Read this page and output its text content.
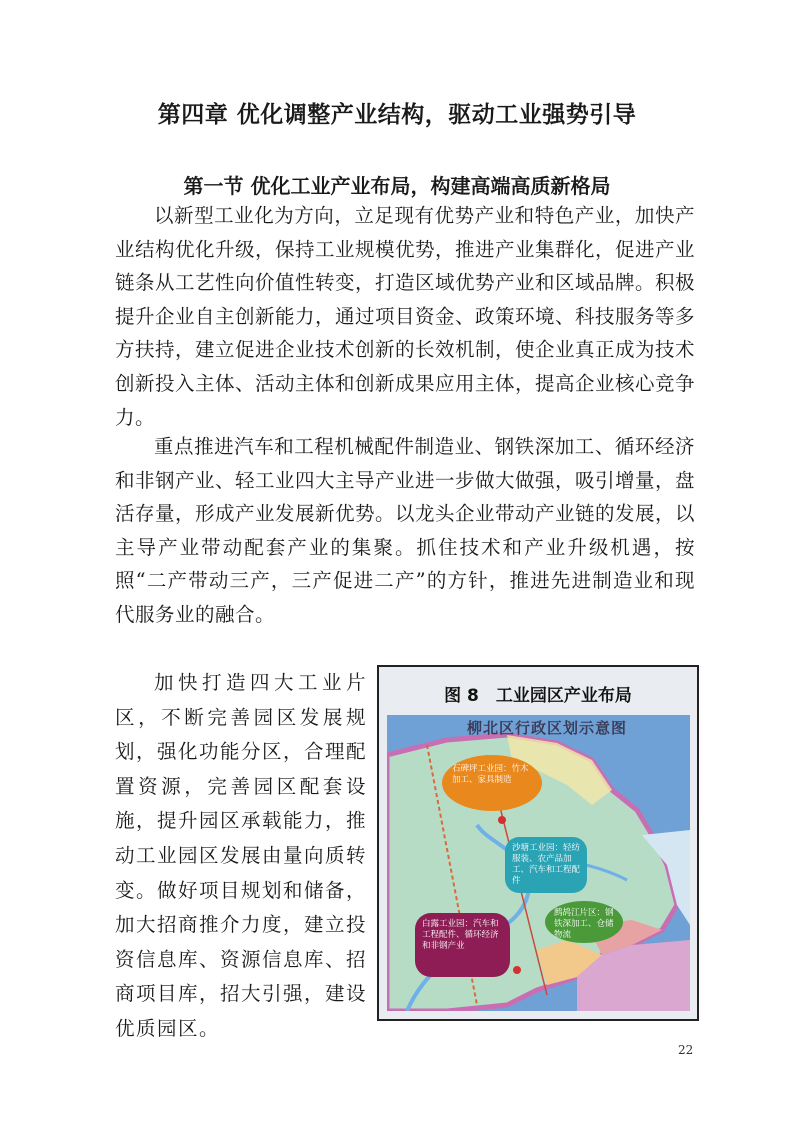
第四章 优化调整产业结构，驱动工业强势引导
第一节 优化工业产业布局，构建高端高质新格局

以新型工业化为方向，立足现有优势产业和特色产业，加快产业结构优化升级，保持工业规模优势，推进产业集群化，促进产业链条从工艺性向价值性转变，打造区域优势产业和区域品牌。积极提升企业自主创新能力，通过项目资金、政策环境、科技服务等多方扶持，建立促进企业技术创新的长效机制，使企业真正成为技术创新投入主体、活动主体和创新成果应用主体，提高企业核心竞争力。

重点推进汽车和工程机械配件制造业、钢铁深加工、循环经济和非钢产业、轻工业四大主导产业进一步做大做强，吸引增量，盘活存量，形成产业发展新优势。以龙头企业带动产业链的发展，以主导产业带动配套产业的集聚。抓住技术和产业升级机遇，按照“二产带动三产，三产促进二产”的方针，推进先进制造业和现代服务业的融合。

加快打造四大工业片区，不断完善园区发展规划，强化功能分区，合理配置资源，完善园区配套设施，提升园区承载能力，推动工业园区发展由量向质转变。做好项目规划和储备，加大招商推介力度，建立投资信息库、资源信息库、招商项目库，招大引强，建设优质园区。

图 8　工业园区产业布局
柳北区行政区划示意图
石碑坪工业园：竹木加工、家具制造
沙塘工业园：轻纺服装、农产品加工、汽车和工程配件
白露工业园：汽车和工程配件、循环经济和非钢产业
鹧鸪江片区：钢铁深加工、仓储物流
22
